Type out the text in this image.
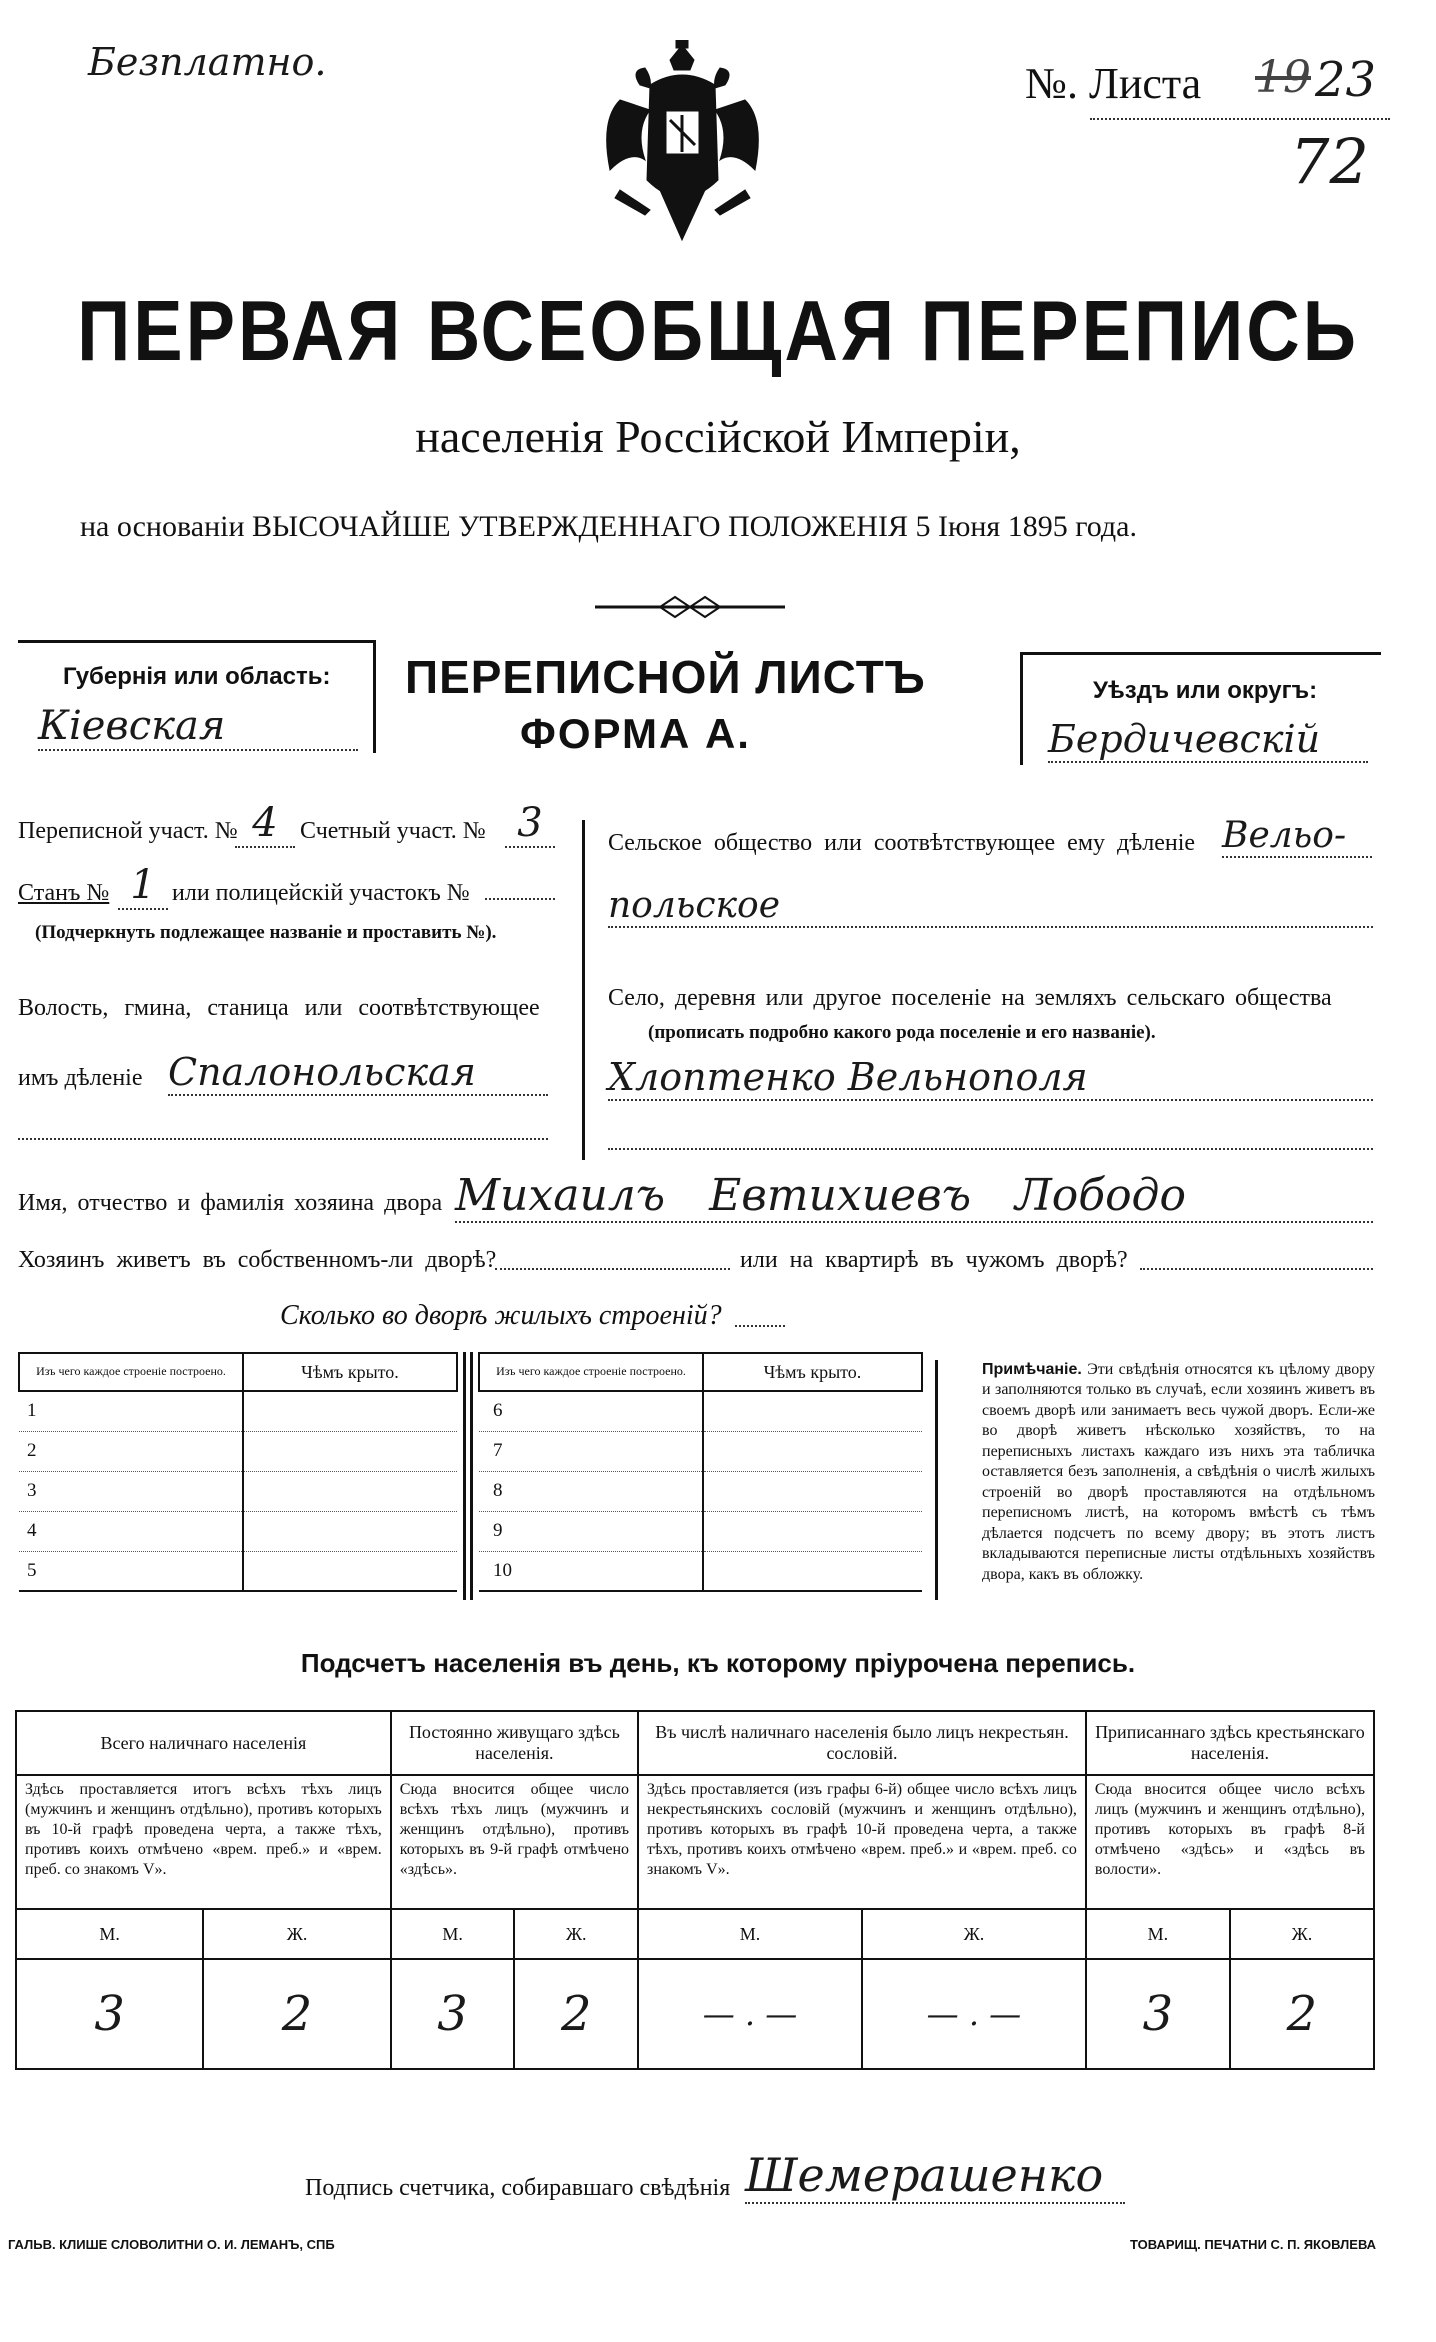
Безплатно.	№. Листа 19 23
72
ПЕРВАЯ ВСЕОБЩАЯ ПЕРЕПИСЬ
населенія Россійской Имперіи,
на основаніи ВЫСОЧАЙШЕ УТВЕРЖДЕННАГО ПОЛОЖЕНІЯ 5 Іюня 1895 года.
Губернія или область:
Кіевская
ПЕРЕПИСНОЙ ЛИСТЪ
ФОРМА А.
Уѣздъ или округъ:
Бердичевскій
Переписной участ. № 4 Счетный участ. № 3
Станъ № 1 или полицейскій участокъ №
(Подчеркнуть подлежащее названіе и проставить №).
Волость, гмина, станица или соотвѣтствующее
имъ дѣленіе Спалонольская
Сельское общество или соотвѣтствующее ему дѣленіе Вельо-
польское
Село, деревня или другое поселеніе на земляхъ сельскаго общества
(прописать подробно какого рода поселеніе и его названіе).
Хлоптенко Вельнополя
Имя, отчество и фамилія хозяина двора Михаилъ Евтихиевъ Лободо
Хозяинъ живетъ въ собственномъ-ли дворѣ?	или на квартирѣ въ чужомъ дворѣ?
Сколько во дворѣ жилыхъ строеній?
Изъ чего каждое строеніе построено.	Чѣмъ крыто.
1	
2	
3	
4	
5	
Изъ чего каждое строеніе построено.	Чѣмъ крыто.
6	
7	
8	
9	
10	
Примѣчаніе. Эти свѣдѣнія относятся къ цѣлому двору и заполняются только въ случаѣ, если хозяинъ живетъ въ своемъ дворѣ или занимаетъ весь чужой дворъ. Если-же во дворѣ живетъ нѣсколько хозяйствъ, то на переписныхъ листахъ каждаго изъ нихъ эта табличка оставляется безъ заполненія, а свѣдѣнія о числѣ жилыхъ строеній во дворѣ проставляются на отдѣльномъ переписномъ листѣ, на которомъ вмѣстѣ съ тѣмъ дѣлается подсчетъ по всему двору; въ этотъ листъ вкладываются переписные листы отдѣльныхъ хозяйствъ двора, какъ въ обложку.
Подсчетъ населенія въ день, къ которому пріурочена перепись.
Всего наличнаго населенія		Постоянно живущаго здѣсь населенія.		Въ числѣ наличнаго населенія было лицъ некрестьян. сословій.		Приписаннаго здѣсь крестьянскаго населенія.	
Здѣсь проставляется итогъ всѣхъ тѣхъ лицъ (мужчинъ и женщинъ отдѣльно), противъ которыхъ въ 10-й графѣ проведена черта, а также тѣхъ, противъ коихъ отмѣчено «врем. преб.» и «врем. преб. со знакомъ V».		Сюда вносится общее число всѣхъ тѣхъ лицъ (мужчинъ и женщинъ отдѣльно), противъ которыхъ въ 9-й графѣ отмѣчено «здѣсь».		Здѣсь проставляется (изъ графы 6-й) общее число всѣхъ лицъ некрестьянскихъ сословій (мужчинъ и женщинъ отдѣльно), противъ которыхъ въ графѣ 10-й проведена черта, а также тѣхъ, противъ коихъ отмѣчено «врем. преб.» и «врем. преб. со знакомъ V».		Сюда вносится общее число всѣхъ лицъ (мужчинъ и женщинъ отдѣльно), противъ которыхъ въ графѣ 8-й отмѣчено «здѣсь» и «здѣсь въ волости».	
М.	Ж.	М.	Ж.	М.	Ж.	М.	Ж.
3	2	3	2	— . —	— . —	3	2
Подпись счетчика, собиравшаго свѣдѣнія Шемерашенко
ГАЛЬВ. КЛИШЕ СЛОВОЛИТНИ О. И. ЛЕМАНЪ, СПБ	ТОВАРИЩ. ПЕЧАТНИ С. П. ЯКОВЛЕВА
